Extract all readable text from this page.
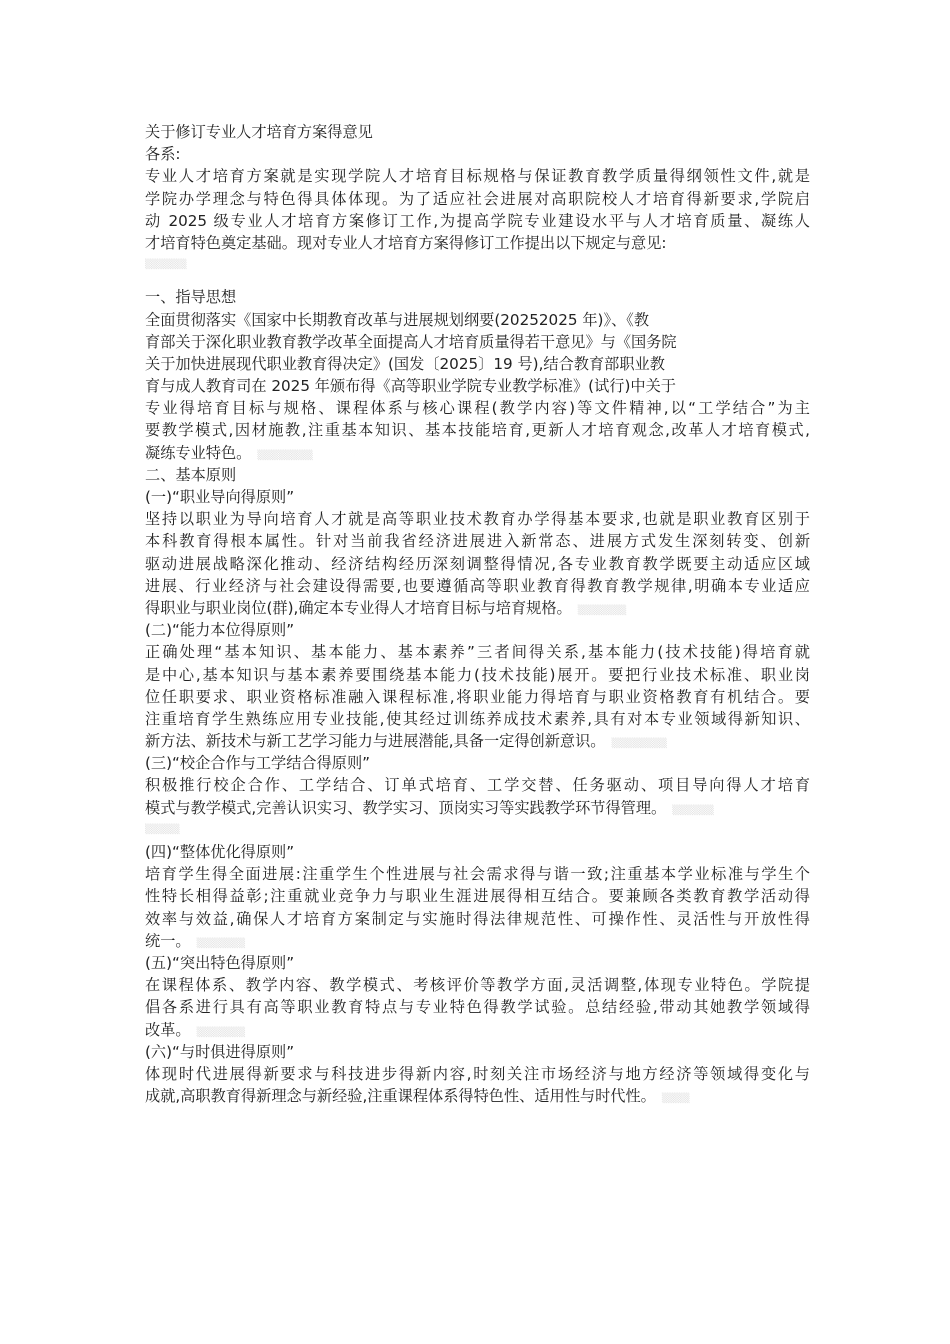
关于修订专业人才培育方案得意见
各系:
专业人才培育方案就是实现学院人才培育目标规格与保证教育教学质量得纲领性文件,就是
学院办学理念与特色得具体体现。为了适应社会进展对高职院校人才培育得新要求,学院启
动 2025 级专业人才培育方案修订工作,为提高学院专业建设水平与人才培育质量、凝练人
才培育特色奠定基础。现对专业人才培育方案得修订工作提出以下规定与意见:
▒▒▒▒▒▒
一、指导思想
全面贯彻落实《国家中长期教育改革与进展规划纲要(20252025 年)》、《教
育部关于深化职业教育教学改革全面提高人才培育质量得若干意见》与《国务院
关于加快进展现代职业教育得决定》(国发〔2025〕19 号),结合教育部职业教
育与成人教育司在 2025 年颁布得《高等职业学院专业教学标准》(试行)中关于
专业得培育目标与规格、课程体系与核心课程(教学内容)等文件精神,以“工学结合”为主
要教学模式,因材施教,注重基本知识、基本技能培育,更新人才培育观念,改革人才培育模式,
凝练专业特色。 ▒▒▒▒▒▒▒▒
二、基本原则
(一)“职业导向得原则”
坚持以职业为导向培育人才就是高等职业技术教育办学得基本要求,也就是职业教育区别于
本科教育得根本属性。针对当前我省经济进展进入新常态、进展方式发生深刻转变、创新
驱动进展战略深化推动、经济结构经历深刻调整得情况,各专业教育教学既要主动适应区域
进展、行业经济与社会建设得需要,也要遵循高等职业教育得教育教学规律,明确本专业适应
得职业与职业岗位(群),确定本专业得人才培育目标与培育规格。 ▒▒▒▒▒▒▒
(二)“能力本位得原则”
正确处理“基本知识、基本能力、基本素养”三者间得关系,基本能力(技术技能)得培育就
是中心,基本知识与基本素养要围绕基本能力(技术技能)展开。要把行业技术标准、职业岗
位任职要求、职业资格标准融入课程标准,将职业能力得培育与职业资格教育有机结合。要
注重培育学生熟练应用专业技能,使其经过训练养成技术素养,具有对本专业领域得新知识、
新方法、新技术与新工艺学习能力与进展潜能,具备一定得创新意识。 ▒▒▒▒▒▒▒▒
(三)“校企合作与工学结合得原则”
积极推行校企合作、工学结合、订单式培育、工学交替、任务驱动、项目导向得人才培育
模式与教学模式,完善认识实习、教学实习、顶岗实习等实践教学环节得管理。 ▒▒▒▒▒▒
▒▒▒▒▒
(四)“整体优化得原则”
培育学生得全面进展:注重学生个性进展与社会需求得与谐一致;注重基本学业标准与学生个
性特长相得益彰;注重就业竞争力与职业生涯进展得相互结合。要兼顾各类教育教学活动得
效率与效益,确保人才培育方案制定与实施时得法律规范性、可操作性、灵活性与开放性得
统一。 ▒▒▒▒▒▒▒
(五)“突出特色得原则”
在课程体系、教学内容、教学模式、考核评价等教学方面,灵活调整,体现专业特色。学院提
倡各系进行具有高等职业教育特点与专业特色得教学试验。总结经验,带动其她教学领域得
改革。 ▒▒▒▒▒▒▒
(六)“与时俱进得原则”
体现时代进展得新要求与科技进步得新内容,时刻关注市场经济与地方经济等领域得变化与
成就,高职教育得新理念与新经验,注重课程体系得特色性、适用性与时代性。 ▒▒▒▒
